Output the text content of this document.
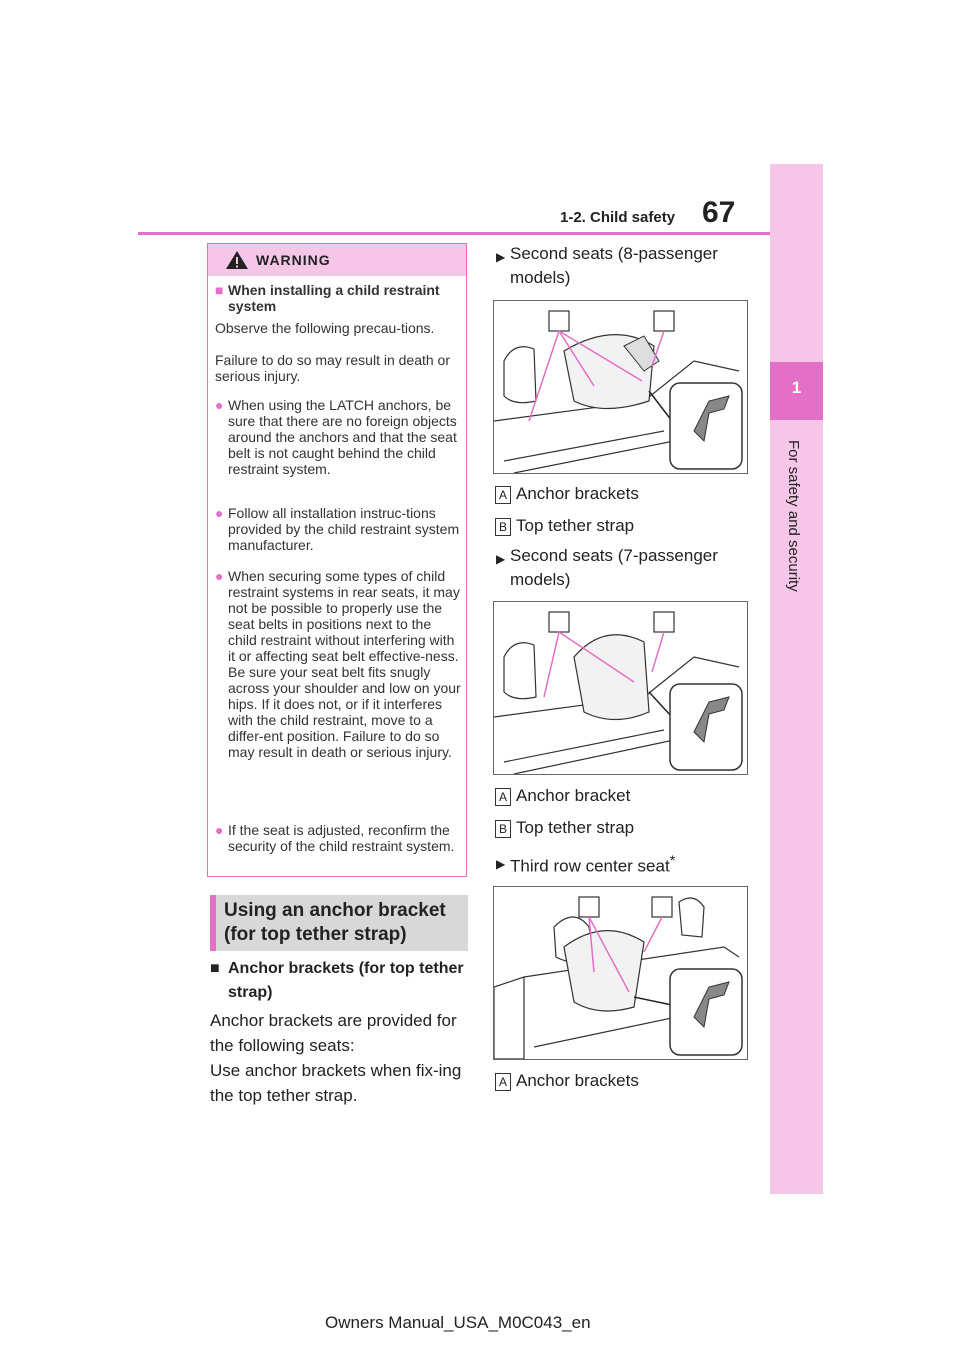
1-2. Child safety 67
1
For safety and security
WARNING
■ When installing a child restraint system
Observe the following precau-tions.
Failure to do so may result in death or serious injury.
● When using the LATCH anchors, be sure that there are no foreign objects around the anchors and that the seat belt is not caught behind the child restraint system.
● Follow all installation instruc-tions provided by the child restraint system manufacturer.
● When securing some types of child restraint systems in rear seats, it may not be possible to properly use the seat belts in positions next to the child restraint without interfering with it or affecting seat belt effective-ness. Be sure your seat belt fits snugly across your shoulder and low on your hips. If it does not, or if it interferes with the child restraint, move to a differ-ent position. Failure to do so may result in death or serious injury.
● If the seat is adjusted, reconfirm the security of the child restraint system.
Using an anchor bracket (for top tether strap)
■ Anchor brackets (for top tether strap)
Anchor brackets are provided for the following seats:
Use anchor brackets when fix-ing the top tether strap.
▶ Second seats (8-passenger models)
A Anchor brackets
B Top tether strap
▶ Second seats (7-passenger models)
A Anchor bracket
B Top tether strap
▶ Third row center seat*
A Anchor brackets
Owners Manual_USA_M0C043_en
